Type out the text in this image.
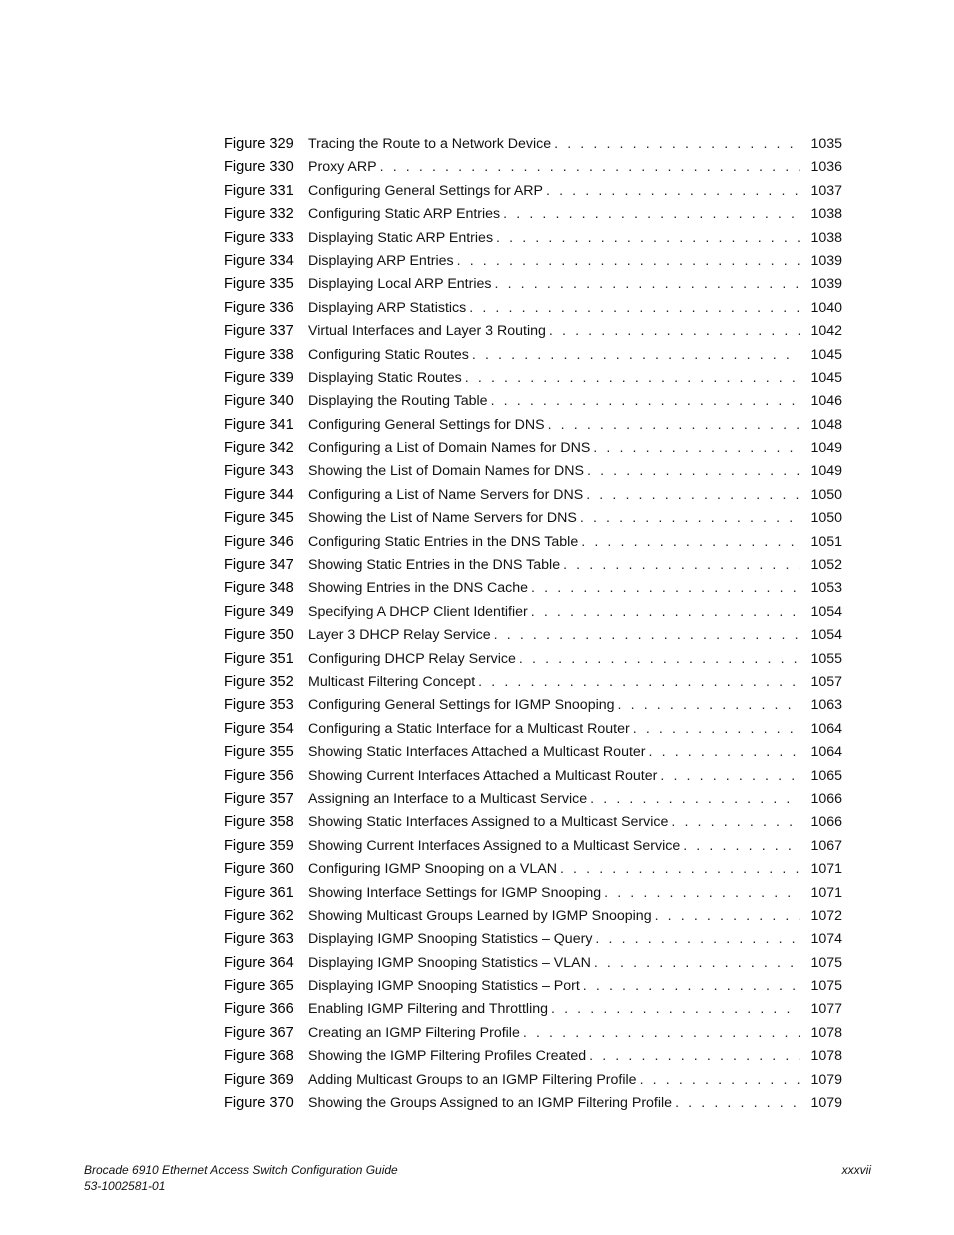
Figure 329	Tracing the Route to a Network Device . . .	1035
Figure 330	Proxy ARP . . .	1036
Figure 331	Configuring General Settings for ARP . . .	1037
Figure 332	Configuring Static ARP Entries . . .	1038
Figure 333	Displaying Static ARP Entries . . .	1038
Figure 334	Displaying ARP Entries . . .	1039
Figure 335	Displaying Local ARP Entries . . .	1039
Figure 336	Displaying ARP Statistics . . .	1040
Figure 337	Virtual Interfaces and Layer 3 Routing . . .	1042
Figure 338	Configuring Static Routes . . .	1045
Figure 339	Displaying Static Routes . . .	1045
Figure 340	Displaying the Routing Table . . .	1046
Figure 341	Configuring General Settings for DNS . . .	1048
Figure 342	Configuring a List of Domain Names for DNS . . .	1049
Figure 343	Showing the List of Domain Names for DNS . . .	1049
Figure 344	Configuring a List of Name Servers for DNS . . .	1050
Figure 345	Showing the List of Name Servers for DNS . . .	1050
Figure 346	Configuring Static Entries in the DNS Table . . .	1051
Figure 347	Showing Static Entries in the DNS Table . . .	1052
Figure 348	Showing Entries in the DNS Cache . . .	1053
Figure 349	Specifying A DHCP Client Identifier . . .	1054
Figure 350	Layer 3 DHCP Relay Service . . .	1054
Figure 351	Configuring DHCP Relay Service . . .	1055
Figure 352	Multicast Filtering Concept . . .	1057
Figure 353	Configuring General Settings for IGMP Snooping . . .	1063
Figure 354	Configuring a Static Interface for a Multicast Router . . .	1064
Figure 355	Showing Static Interfaces Attached a Multicast Router . . .	1064
Figure 356	Showing Current Interfaces Attached a Multicast Router . . .	1065
Figure 357	Assigning an Interface to a Multicast Service . . .	1066
Figure 358	Showing Static Interfaces Assigned to a Multicast Service . . .	1066
Figure 359	Showing Current Interfaces Assigned to a Multicast Service . . .	1067
Figure 360	Configuring IGMP Snooping on a VLAN . . .	1071
Figure 361	Showing Interface Settings for IGMP Snooping . . .	1071
Figure 362	Showing Multicast Groups Learned by IGMP Snooping . . .	1072
Figure 363	Displaying IGMP Snooping Statistics – Query . . .	1074
Figure 364	Displaying IGMP Snooping Statistics – VLAN . . .	1075
Figure 365	Displaying IGMP Snooping Statistics – Port . . .	1075
Figure 366	Enabling IGMP Filtering and Throttling . . .	1077
Figure 367	Creating an IGMP Filtering Profile . . .	1078
Figure 368	Showing the IGMP Filtering Profiles Created . . .	1078
Figure 369	Adding Multicast Groups to an IGMP Filtering Profile . . .	1079
Figure 370	Showing the Groups Assigned to an IGMP Filtering Profile . . .	1079
Brocade 6910 Ethernet Access Switch Configuration Guide	xxxvii
53-1002581-01
